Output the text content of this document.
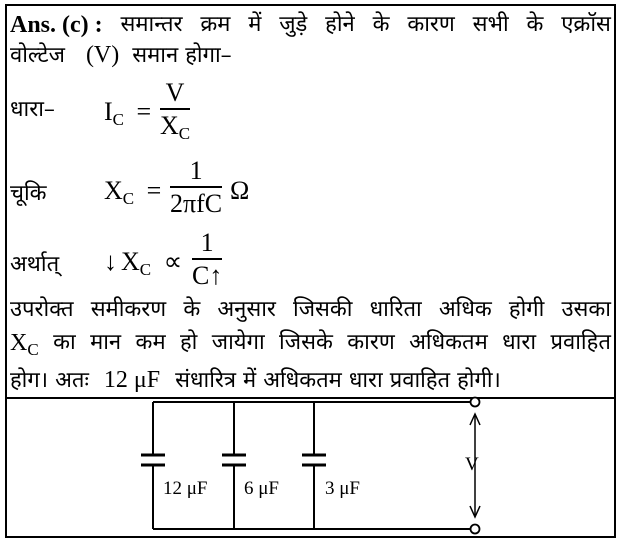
Ans. (c) : समान्तर क्रम में जुड़े होने के कारण सभी के एक्रॉस
वोल्टेज (V) समान होगा–
धारा– $I_C$ =
V
$X_C$
चूकि $X_C$ =
1
2πfC Ω
अर्थात् ↓ $X_C$ ∝
1
C↑
उपरोक्त समीकरण के अनुसार जिसकी धारिता अधिक होगी उसका
$X_C$ का मान कम हो जायेगा जिसके कारण अधिकतम धारा प्रवाहित
होग। अतः 12 μF संधारित्र में अधिकतम धारा प्रवाहित होगी।
12 μF 6 μF 3 μF
V
